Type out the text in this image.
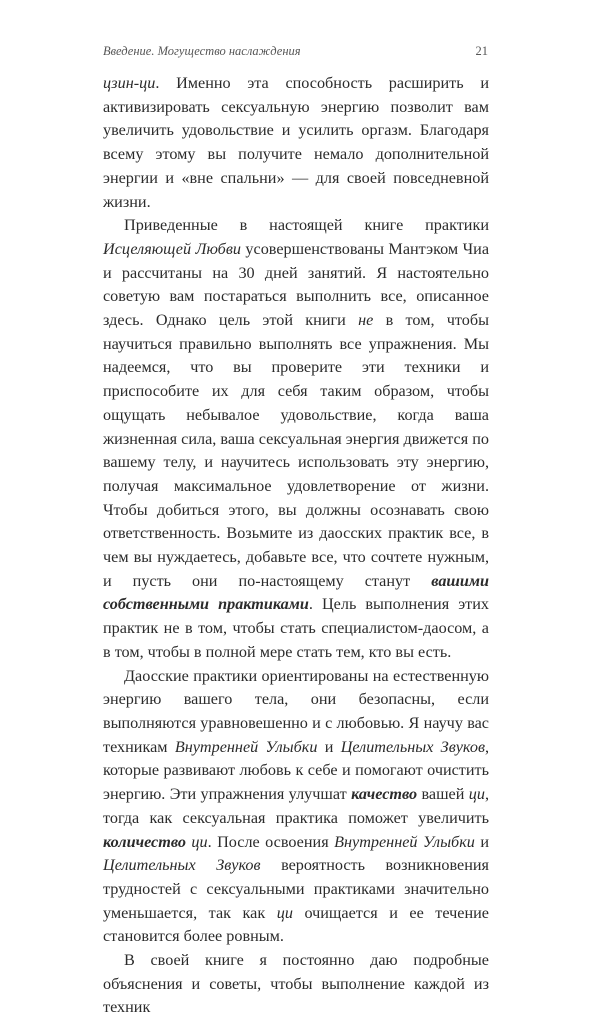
Введение. Могущество наслаждения	21

цзин-ци. Именно эта способность расширить и активизировать сексуальную энергию позволит вам увеличить удовольствие и усилить оргазм. Благодаря всему этому вы получите немало дополнительной энергии и «вне спальни» — для своей повседневной жизни.

Приведенные в настоящей книге практики Исцеляющей Любви усовершенствованы Мантэком Чиа и рассчитаны на 30 дней занятий. Я настоятельно советую вам постараться выполнить все, описанное здесь. Однако цель этой книги не в том, чтобы научиться правильно выполнять все упражнения. Мы надеемся, что вы проверите эти техники и приспособите их для себя таким образом, чтобы ощущать небывалое удовольствие, когда ваша жизненная сила, ваша сексуальная энергия движется по вашему телу, и научитесь использовать эту энергию, получая максимальное удовлетворение от жизни. Чтобы добиться этого, вы должны осознавать свою ответственность. Возьмите из даосских практик все, в чем вы нуждаетесь, добавьте все, что сочтете нужным, и пусть они по-настоящему станут вашими собственными практиками. Цель выполнения этих практик не в том, чтобы стать специалистом-даосом, а в том, чтобы в полной мере стать тем, кто вы есть.

Даосские практики ориентированы на естественную энергию вашего тела, они безопасны, если выполняются уравновешенно и с любовью. Я научу вас техникам Внутренней Улыбки и Целительных Звуков, которые развивают любовь к себе и помогают очистить энергию. Эти упражнения улучшат качество вашей ци, тогда как сексуальная практика поможет увеличить количество ци. После освоения Внутренней Улыбки и Целительных Звуков вероятность возникновения трудностей с сексуальными практиками значительно уменьшается, так как ци очищается и ее течение становится более ровным.

В своей книге я постоянно даю подробные объяснения и советы, чтобы выполнение каждой из техник
